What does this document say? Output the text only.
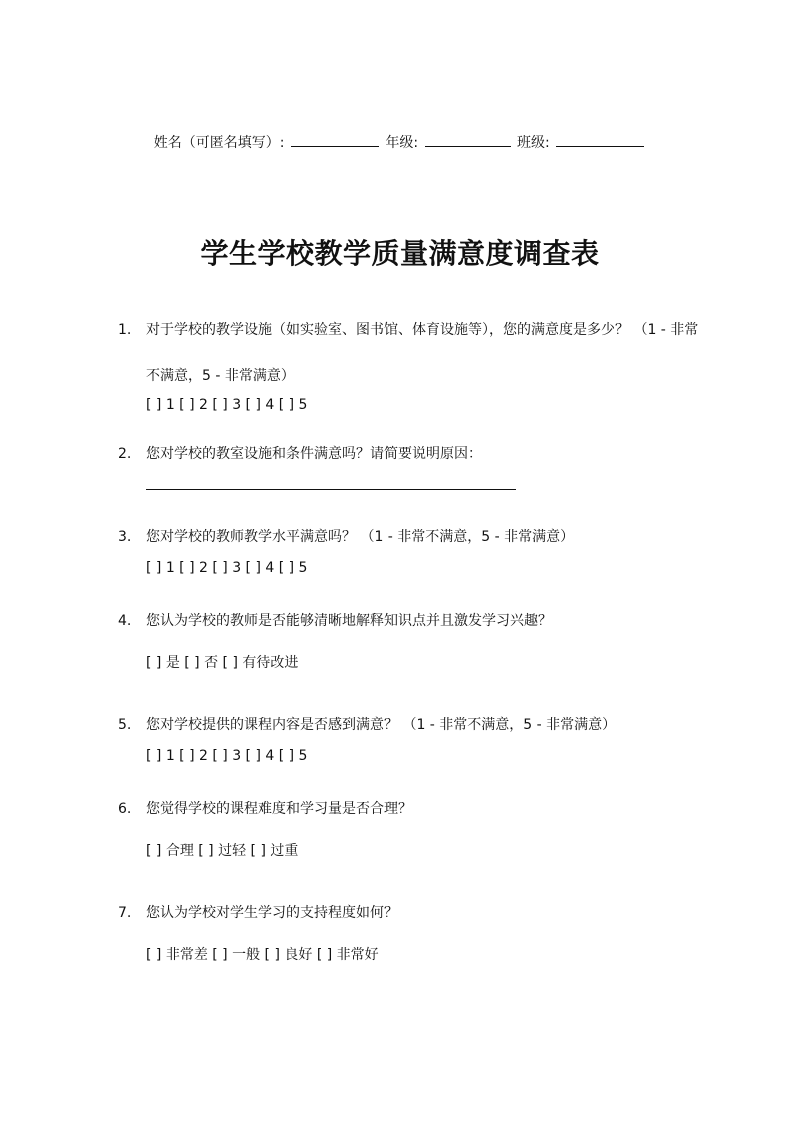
姓名（可匿名填写）:	年级:	班级:
学生学校教学质量满意度调查表
1. 对于学校的教学设施（如实验室、图书馆、体育设施等），您的满意度是多少？ （1 - 非常不满意，5 - 非常满意）
[ ] 1 [ ] 2 [ ] 3 [ ] 4 [ ] 5
2. 您对学校的教室设施和条件满意吗？请简要说明原因：
3. 您对学校的教师教学水平满意吗？ （1 - 非常不满意，5 - 非常满意）
[ ] 1 [ ] 2 [ ] 3 [ ] 4 [ ] 5
4. 您认为学校的教师是否能够清晰地解释知识点并且激发学习兴趣？
[ ] 是 [ ] 否 [ ] 有待改进
5. 您对学校提供的课程内容是否感到满意？ （1 - 非常不满意，5 - 非常满意）
[ ] 1 [ ] 2 [ ] 3 [ ] 4 [ ] 5
6. 您觉得学校的课程难度和学习量是否合理？
[ ] 合理 [ ] 过轻 [ ] 过重
7. 您认为学校对学生学习的支持程度如何？
[ ] 非常差 [ ] 一般 [ ] 良好 [ ] 非常好
